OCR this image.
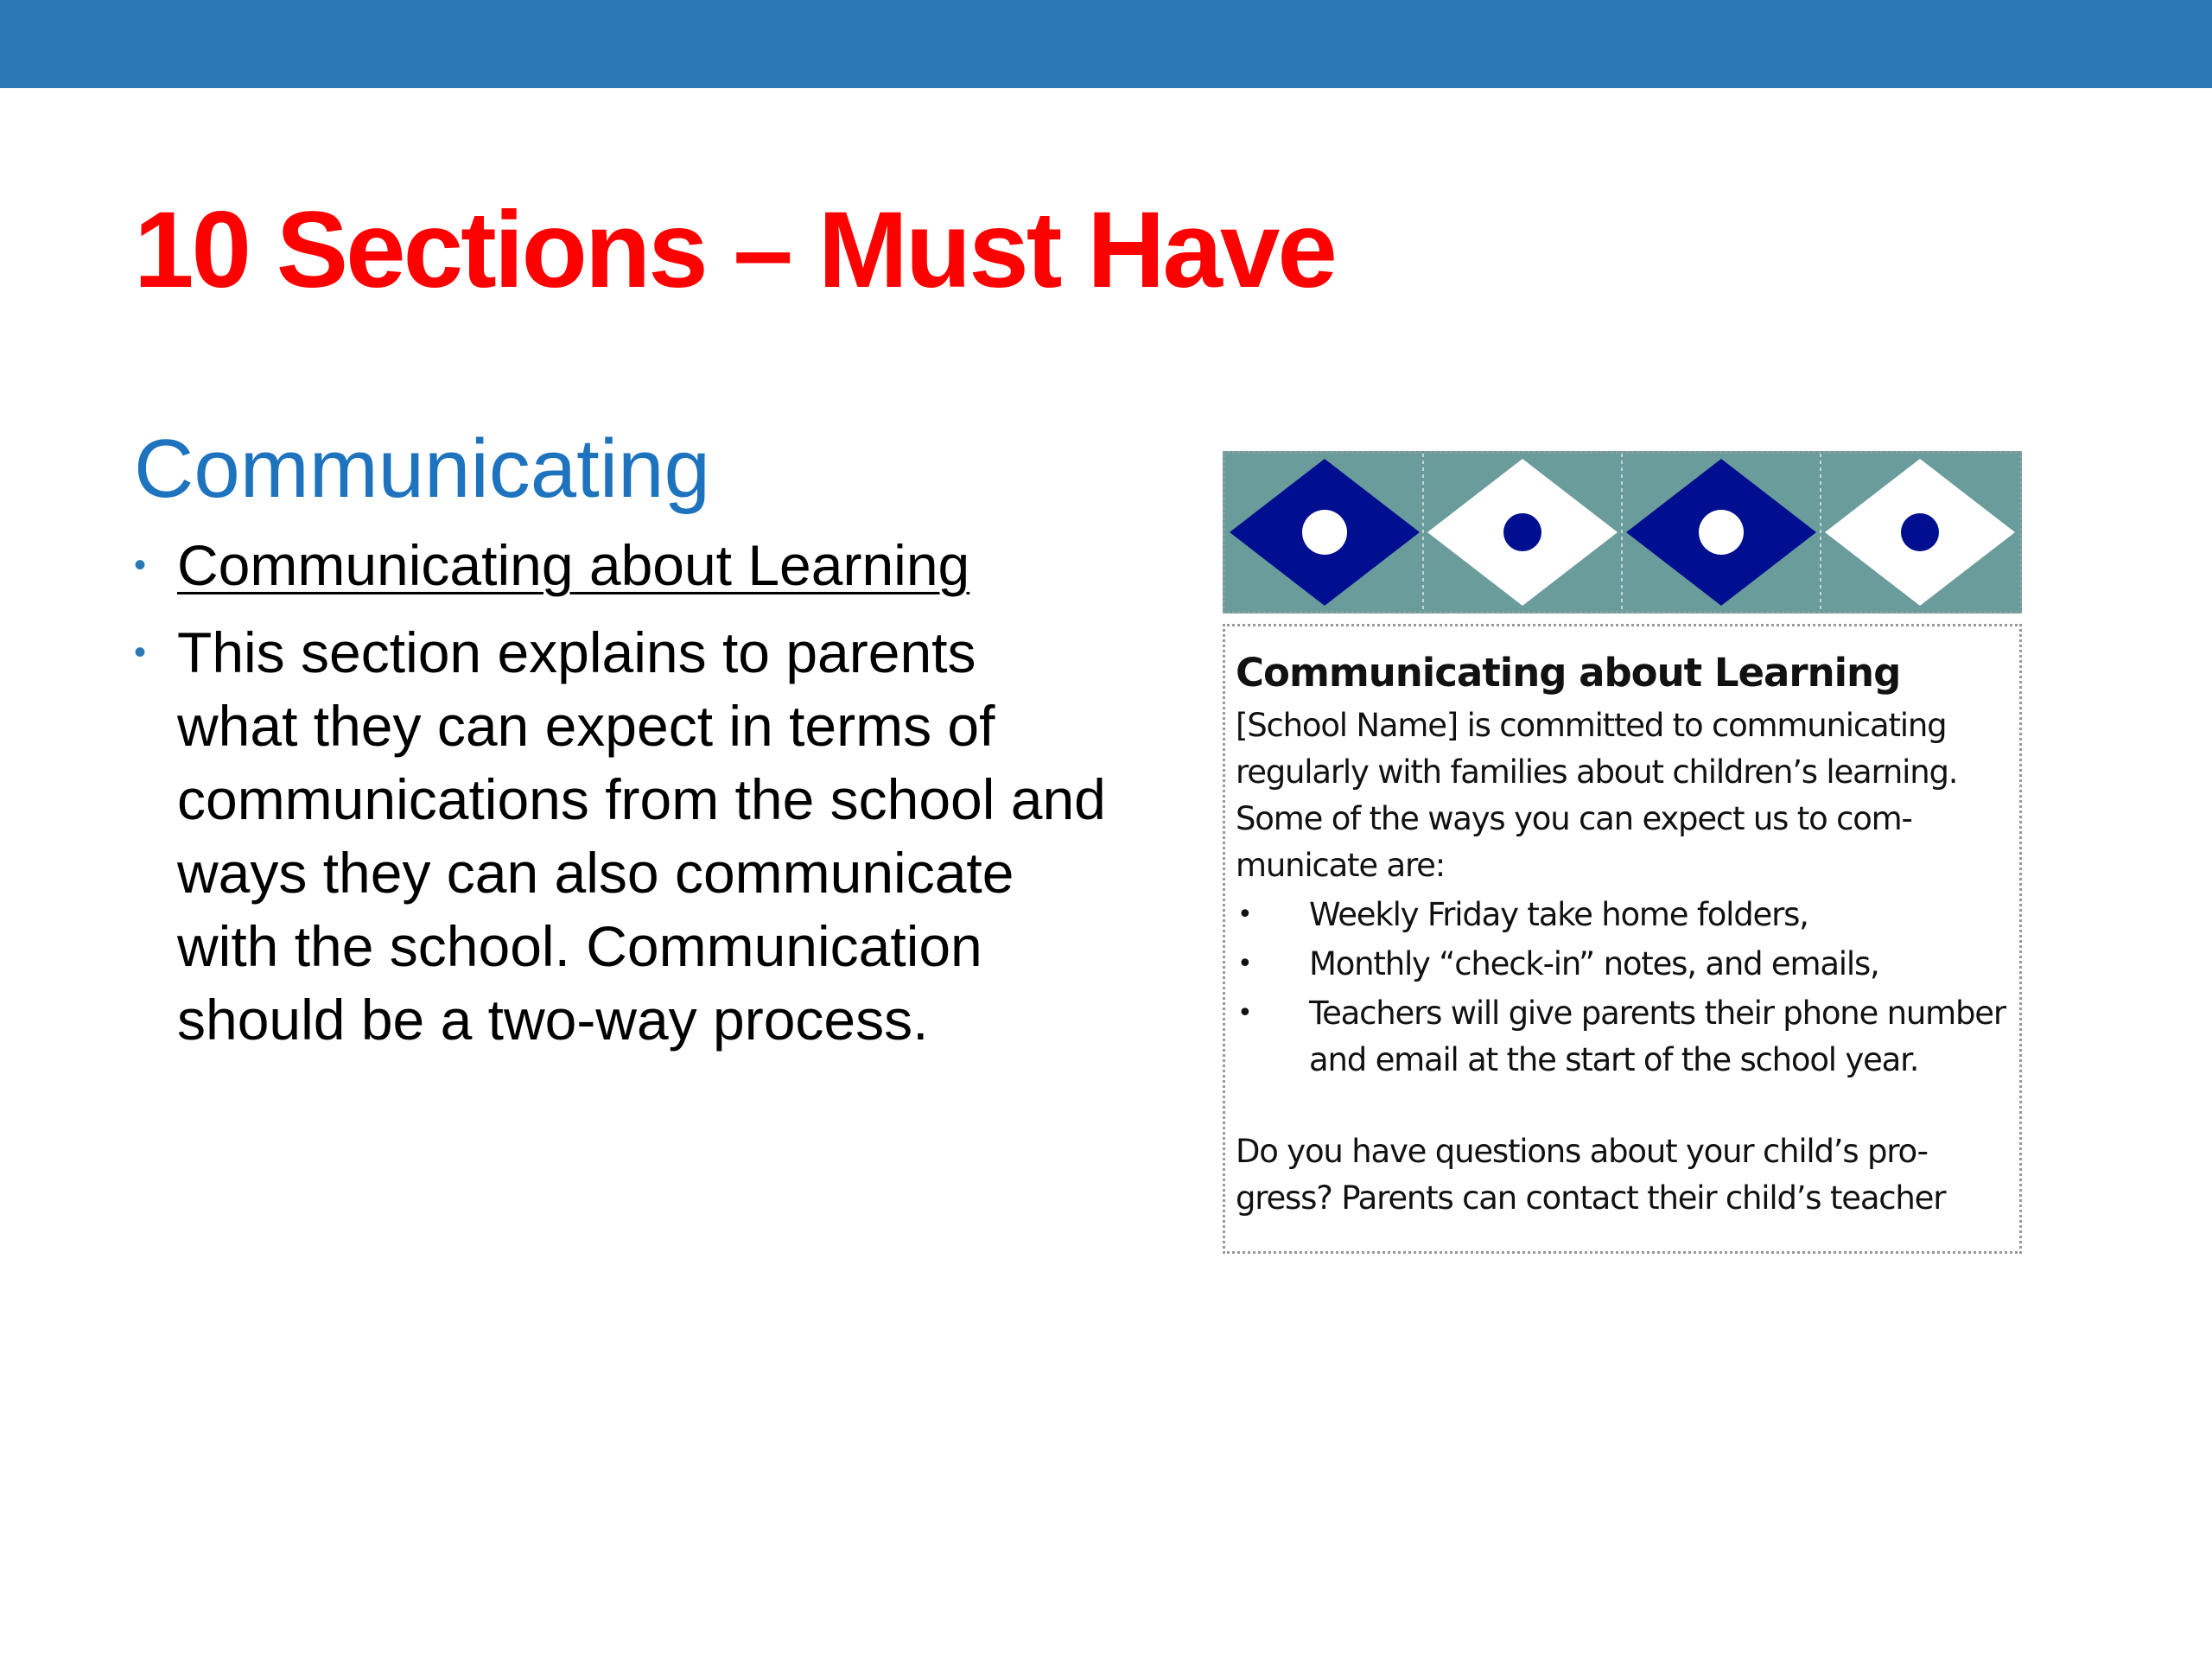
10 Sections – Must Have
Communicating
• Communicating about Learning
• This section explains to parents what they can expect in terms of communications from the school and ways they can also communicate with the school. Communication should be a two-way process.
Communicating about Learning

[School Name] is committed to communicating regularly with families about children’s learning. Some of the ways you can expect us to com-municate are:

• Weekly Friday take home folders,
• Monthly “check-in” notes, and emails,
• Teachers will give parents their phone number and email at the start of the school year.

Do you have questions about your child’s pro-gress? Parents can contact their child’s teacher
